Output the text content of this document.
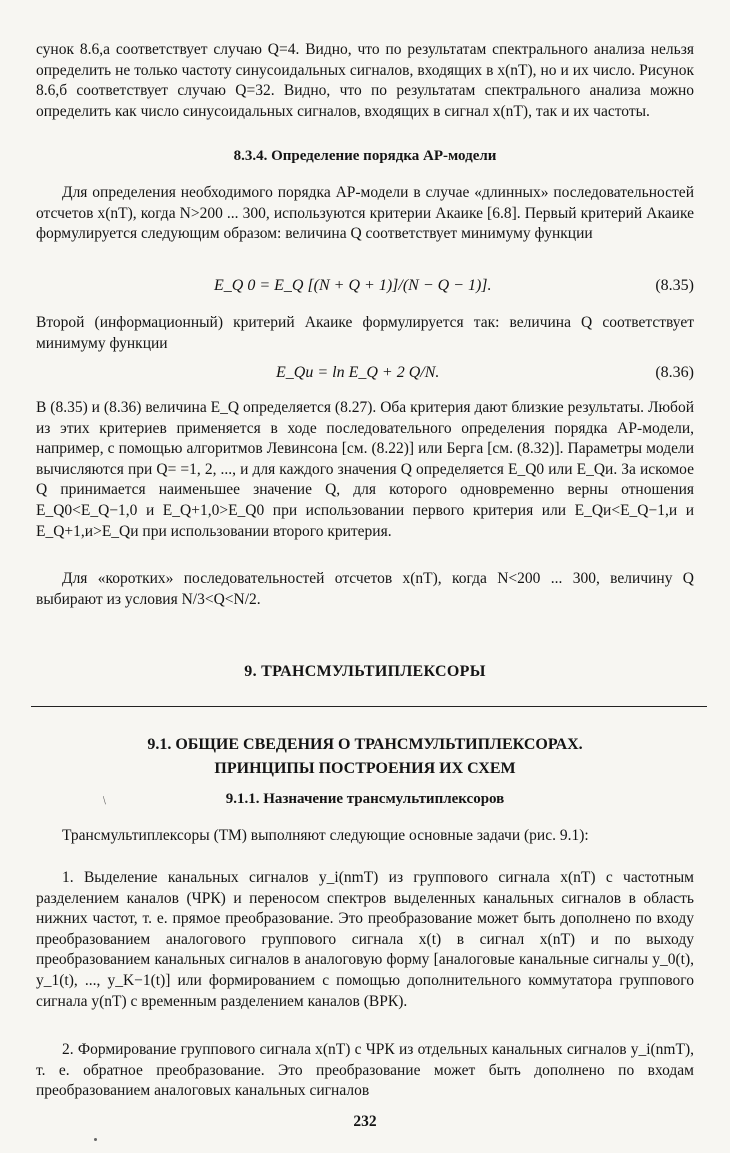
сунок 8.6,а соответствует случаю Q=4. Видно, что по результатам спектрального анализа нельзя определить не только частоту синусоидальных сигналов, входящих в x(nT), но и их число. Рисунок 8.6,б соответствует случаю Q=32. Видно, что по результатам спектрального анализа можно определить как число синусоидальных сигналов, входящих в сигнал x(nT), так и их частоты.

8.3.4. Определение порядка АР-модели

Для определения необходимого порядка АР-модели в случае «длинных» последовательностей отсчетов x(nT), когда N>200 ... 300, используются критерии Акаике [6.8]. Первый критерий Акаике формулируется следующим образом: величина Q соответствует минимуму функции

E_Q 0 = E_Q [(N + Q + 1)]/(N − Q − 1)].	(8.35)

Второй (информационный) критерий Акаике формулируется так: величина Q соответствует минимуму функции

E_Qи = ln E_Q + 2 Q/N.	(8.36)

В (8.35) и (8.36) величина E_Q определяется (8.27). Оба критерия дают близкие результаты. Любой из этих критериев применяется в ходе последовательного определения порядка АР-модели, например, с помощью алгоритмов Левинсона [см. (8.22)] или Берга [см. (8.32)]. Параметры модели вычисляются при Q= =1, 2, ..., и для каждого значения Q определяется E_Q0 или E_Qи. За искомое Q принимается наименьшее значение Q, для которого одновременно верны отношения E_Q0<E_Q−1,0 и E_Q+1,0>E_Q0 при использовании первого критерия или E_Qи<E_Q−1,и и E_Q+1,и>E_Qи при использовании второго критерия.

Для «коротких» последовательностей отсчетов x(nT), когда N<200 ... 300, величину Q выбирают из условия N/3<Q<N/2.

9. ТРАНСМУЛЬТИПЛЕКСОРЫ
9.1. ОБЩИЕ СВЕДЕНИЯ О ТРАНСМУЛЬТИПЛЕКСОРАХ.
ПРИНЦИПЫ ПОСТРОЕНИЯ ИХ СХЕМ
/	9.1.1. Назначение трансмультиплексоров

Трансмультиплексоры (ТМ) выполняют следующие основные задачи (рис. 9.1):

1. Выделение канальных сигналов y_i(nmT) из группового сигнала x(nT) с частотным разделением каналов (ЧРК) и переносом спектров выделенных канальных сигналов в область нижних частот, т. е. прямое преобразование. Это преобразование может быть дополнено по входу преобразованием аналогового группового сигнала x(t) в сигнал x(nT) и по выходу преобразованием канальных сигналов в аналоговую форму [аналоговые канальные сигналы y_0(t), y_1(t), ..., y_K−1(t)] или формированием с помощью дополнительного коммутатора группового сигнала y(nT) с временным разделением каналов (ВРК).

2. Формирование группового сигнала x(nT) с ЧРК из отдельных канальных сигналов y_i(nmT), т. е. обратное преобразование. Это преобразование может быть дополнено по входам преобразованием аналоговых канальных сигналов

232
